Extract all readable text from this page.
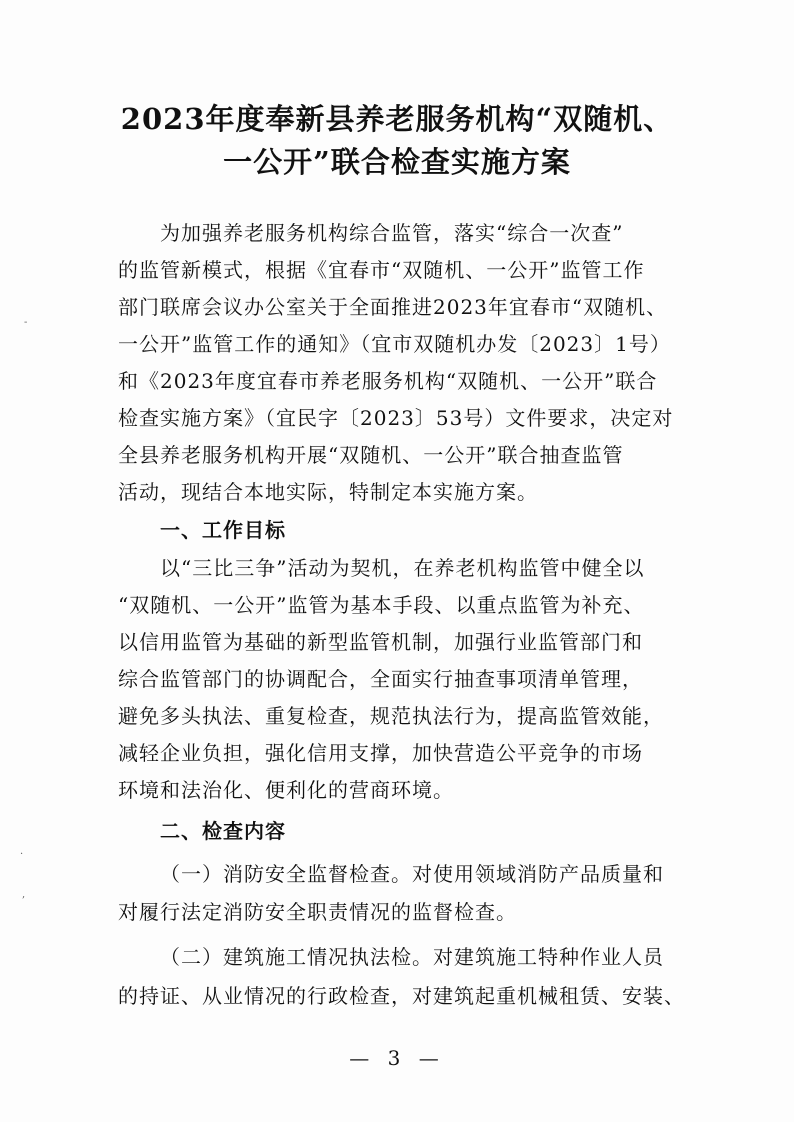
2023年度奉新县养老服务机构“双随机、
一公开”联合检查实施方案
为加强养老服务机构综合监管，落实“综合一次查”
的监管新模式，根据《宜春市“双随机、一公开”监管工作
部门联席会议办公室关于全面推进2023年宜春市“双随机、
一公开”监管工作的通知》（宜市双随机办发〔2023〕1号）
和《2023年度宜春市养老服务机构“双随机、一公开”联合
检查实施方案》（宜民字〔2023〕53号）文件要求，决定对
全县养老服务机构开展“双随机、一公开”联合抽查监管
活动，现结合本地实际，特制定本实施方案。
一、工作目标
以“三比三争”活动为契机，在养老机构监管中健全以
“双随机、一公开”监管为基本手段、以重点监管为补充、
以信用监管为基础的新型监管机制，加强行业监管部门和
综合监管部门的协调配合，全面实行抽查事项清单管理，
避免多头执法、重复检查，规范执法行为，提高监管效能，
减轻企业负担，强化信用支撑，加快营造公平竞争的市场
环境和法治化、便利化的营商环境。
二、检查内容
（一）消防安全监督检查。对使用领域消防产品质量和
对履行法定消防安全职责情况的监督检查。
（二）建筑施工情况执法检。对建筑施工特种作业人员
的持证、从业情况的行政检查，对建筑起重机械租赁、安装、
— 3 —
-
·
,
